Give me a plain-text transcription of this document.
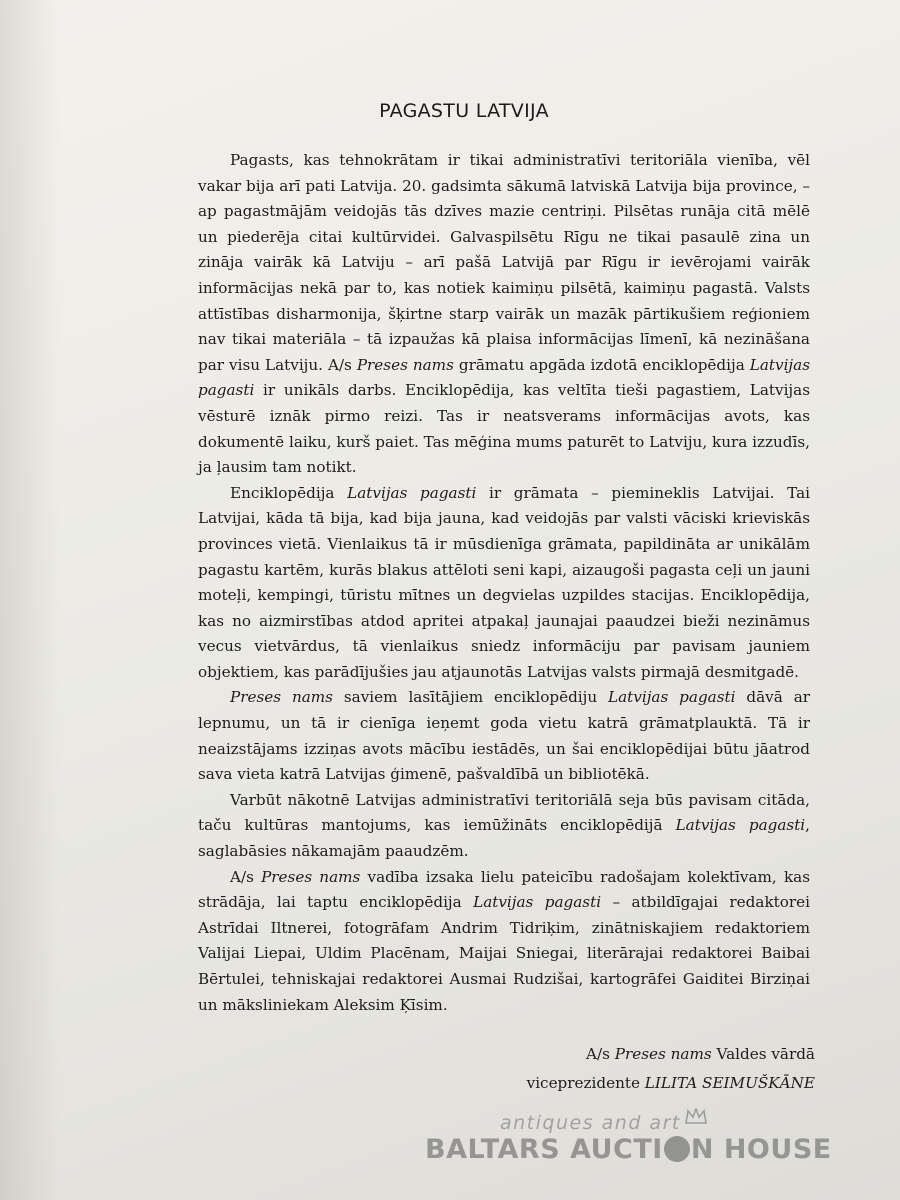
PAGASTU LATVIJA

Pagasts, kas tehnokrātam ir tikai administratīvi teritoriāla vienība, vēl vakar bija arī pati Latvija. 20. gadsimta sākumā latviskā Latvija bija province, – ap pagastmājām veidojās tās dzīves mazie centriņi. Pilsētas runāja citā mēlē un piederēja citai kultūrvidei. Galvaspilsētu Rīgu ne tikai pasaulē zina un zināja vairāk kā Latviju – arī pašā Latvijā par Rīgu ir ievērojami vairāk informācijas nekā par to, kas notiek kaimiņu pilsētā, kaimiņu pagastā. Valsts attīstības disharmonija, šķirtne starp vairāk un mazāk pārtikušiem reģioniem nav tikai materiāla – tā izpaužas kā plaisa informācijas līmenī, kā nezināšana par visu Latviju. A/s Preses nams grāmatu apgāda izdotā enciklopēdija Latvijas pagasti ir unikāls darbs. Enciklopēdija, kas veltīta tieši pagastiem, Latvijas vēsturē iznāk pirmo reizi. Tas ir neatsverams informācijas avots, kas dokumentē laiku, kurš paiet. Tas mēģina mums paturēt to Latviju, kura izzudīs, ja ļausim tam notikt.

Enciklopēdija Latvijas pagasti ir grāmata – piemineklis Latvijai. Tai Latvijai, kāda tā bija, kad bija jauna, kad veidojās par valsti vāciski krieviskās provinces vietā. Vienlaikus tā ir mūsdienīga grāmata, papildināta ar unikālām pagastu kartēm, kurās blakus attēloti seni kapi, aizaugoši pagasta ceļi un jauni moteļi, kempingi, tūristu mītnes un degvielas uzpildes stacijas. Enciklopēdija, kas no aizmirstības atdod apritei atpakaļ jaunajai paaudzei bieži nezināmus vecus vietvārdus, tā vienlaikus sniedz informāciju par pavisam jauniem objektiem, kas parādījušies jau atjaunotās Latvijas valsts pirmajā desmitgadē.

Preses nams saviem lasītājiem enciklopēdiju Latvijas pagasti dāvā ar lepnumu, un tā ir cienīga ieņemt goda vietu katrā grāmatplauktā. Tā ir neaizstājams izziņas avots mācību iestādēs, un šai enciklopēdijai būtu jāatrod sava vieta katrā Latvijas ģimenē, pašvaldībā un bibliotēkā.

Varbūt nākotnē Latvijas administratīvi teritoriālā seja būs pavisam citāda, taču kultūras mantojums, kas iemūžināts enciklopēdijā Latvijas pagasti, saglabāsies nākamajām paaudzēm.

A/s Preses nams vadība izsaka lielu pateicību radošajam kolektīvam, kas strādāja, lai taptu enciklopēdija Latvijas pagasti – atbildīgajai redaktorei Astrīdai Iltnerei, fotogrāfam Andrim Tidriķim, zinātniskajiem redaktoriem Valijai Liepai, Uldim Placēnam, Maijai Sniegai, literārajai redaktorei Baibai Bērtulei, tehniskajai redaktorei Ausmai Rudzišai, kartogrāfei Gaiditei Birziņai un māksliniekam Aleksim Ķīsim.

A/s Preses nams Valdes vārdā
viceprezidente LILITA SEIMUŠKĀNE
antiques and art
BALTARS AUCTI N HOUSE
